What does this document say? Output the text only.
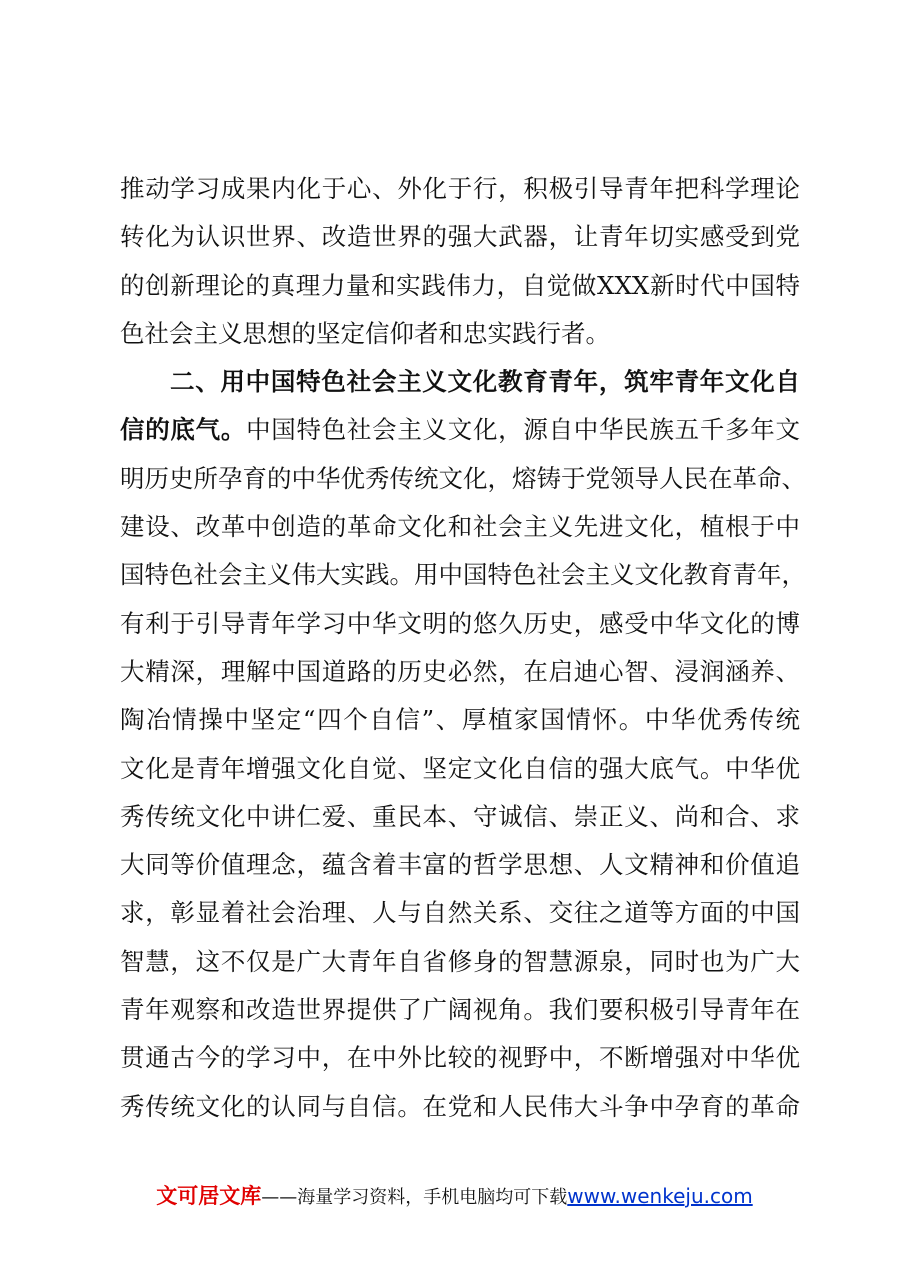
推动学习成果内化于心、外化于行，积极引导青年把科学理论
转化为认识世界、改造世界的强大武器，让青年切实感受到党
的创新理论的真理力量和实践伟力，自觉做XXX新时代中国特
色社会主义思想的坚定信仰者和忠实践行者。
二、用中国特色社会主义文化教育青年，筑牢青年文化自
信的底气。中国特色社会主义文化，源自中华民族五千多年文
明历史所孕育的中华优秀传统文化，熔铸于党领导人民在革命、
建设、改革中创造的革命文化和社会主义先进文化，植根于中
国特色社会主义伟大实践。用中国特色社会主义文化教育青年，
有利于引导青年学习中华文明的悠久历史，感受中华文化的博
大精深，理解中国道路的历史必然，在启迪心智、浸润涵养、
陶冶情操中坚定“四个自信”、厚植家国情怀。中华优秀传统
文化是青年增强文化自觉、坚定文化自信的强大底气。中华优
秀传统文化中讲仁爱、重民本、守诚信、崇正义、尚和合、求
大同等价值理念，蕴含着丰富的哲学思想、人文精神和价值追
求，彰显着社会治理、人与自然关系、交往之道等方面的中国
智慧，这不仅是广大青年自省修身的智慧源泉，同时也为广大
青年观察和改造世界提供了广阔视角。我们要积极引导青年在
贯通古今的学习中，在中外比较的视野中，不断增强对中华优
秀传统文化的认同与自信。在党和人民伟大斗争中孕育的革命
文可居文库——海量学习资料，手机电脑均可下载www.wenkeju.com
